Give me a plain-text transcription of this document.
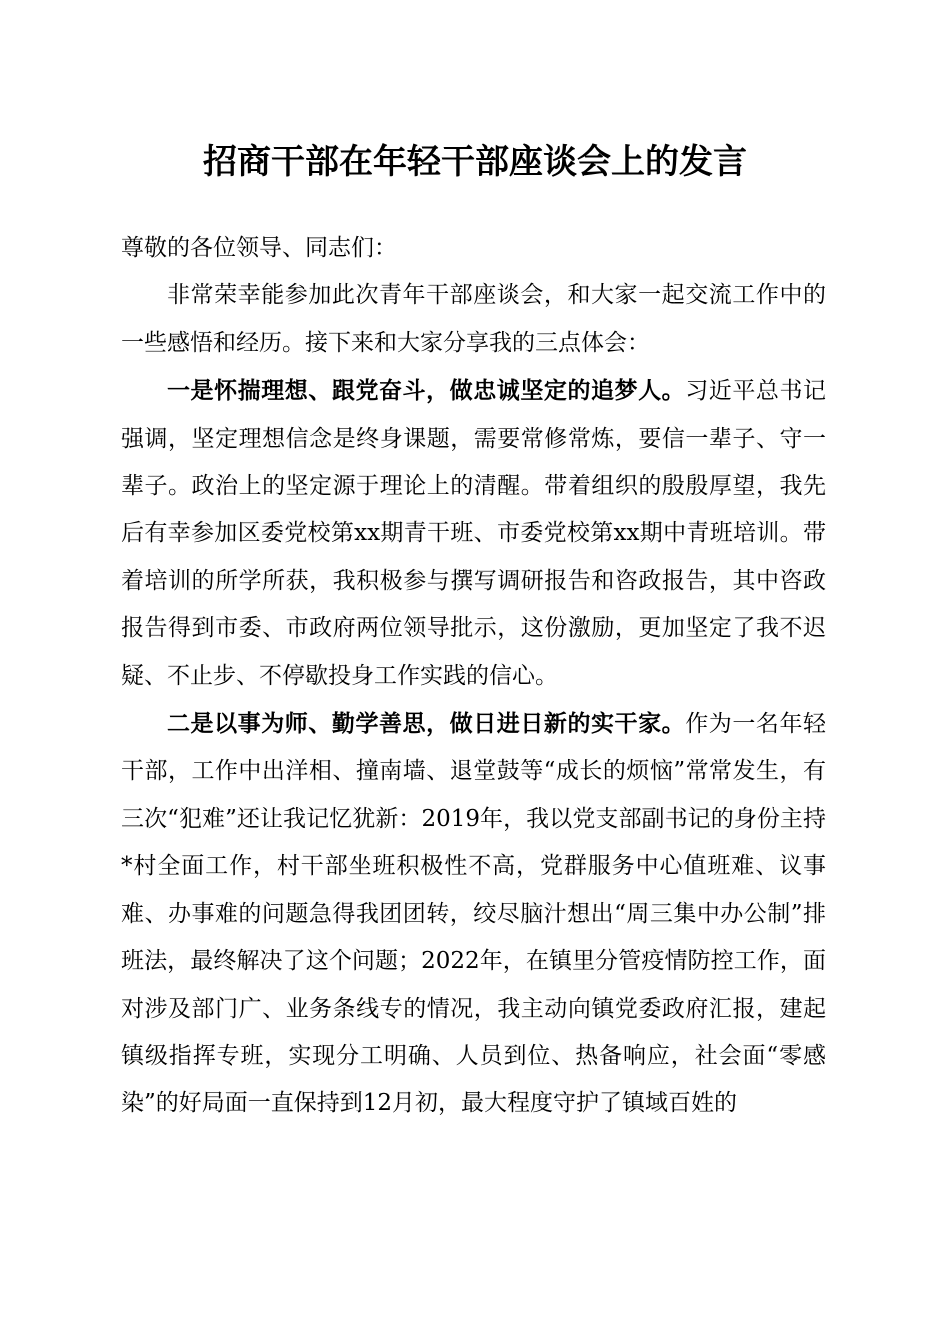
招商干部在年轻干部座谈会上的发言

尊敬的各位领导、同志们：

非常荣幸能参加此次青年干部座谈会，和大家一起交流工作中的一些感悟和经历。接下来和大家分享我的三点体会：

一是怀揣理想、跟党奋斗，做忠诚坚定的追梦人。习近平总书记强调，坚定理想信念是终身课题，需要常修常炼，要信一辈子、守一辈子。政治上的坚定源于理论上的清醒。带着组织的殷殷厚望，我先后有幸参加区委党校第xx期青干班、市委党校第xx期中青班培训。带着培训的所学所获，我积极参与撰写调研报告和咨政报告，其中咨政报告得到市委、市政府两位领导批示，这份激励，更加坚定了我不迟疑、不止步、不停歇投身工作实践的信心。

二是以事为师、勤学善思，做日进日新的实干家。作为一名年轻干部，工作中出洋相、撞南墙、退堂鼓等“成长的烦恼”常常发生，有三次“犯难”还让我记忆犹新：2019年，我以党支部副书记的身份主持*村全面工作，村干部坐班积极性不高，党群服务中心值班难、议事难、办事难的问题急得我团团转，绞尽脑汁想出“周三集中办公制”排班法，最终解决了这个问题；2022年，在镇里分管疫情防控工作，面对涉及部门广、业务条线专的情况，我主动向镇党委政府汇报，建起镇级指挥专班，实现分工明确、人员到位、热备响应，社会面“零感染”的好局面一直保持到12月初，最大程度守护了镇域百姓的
